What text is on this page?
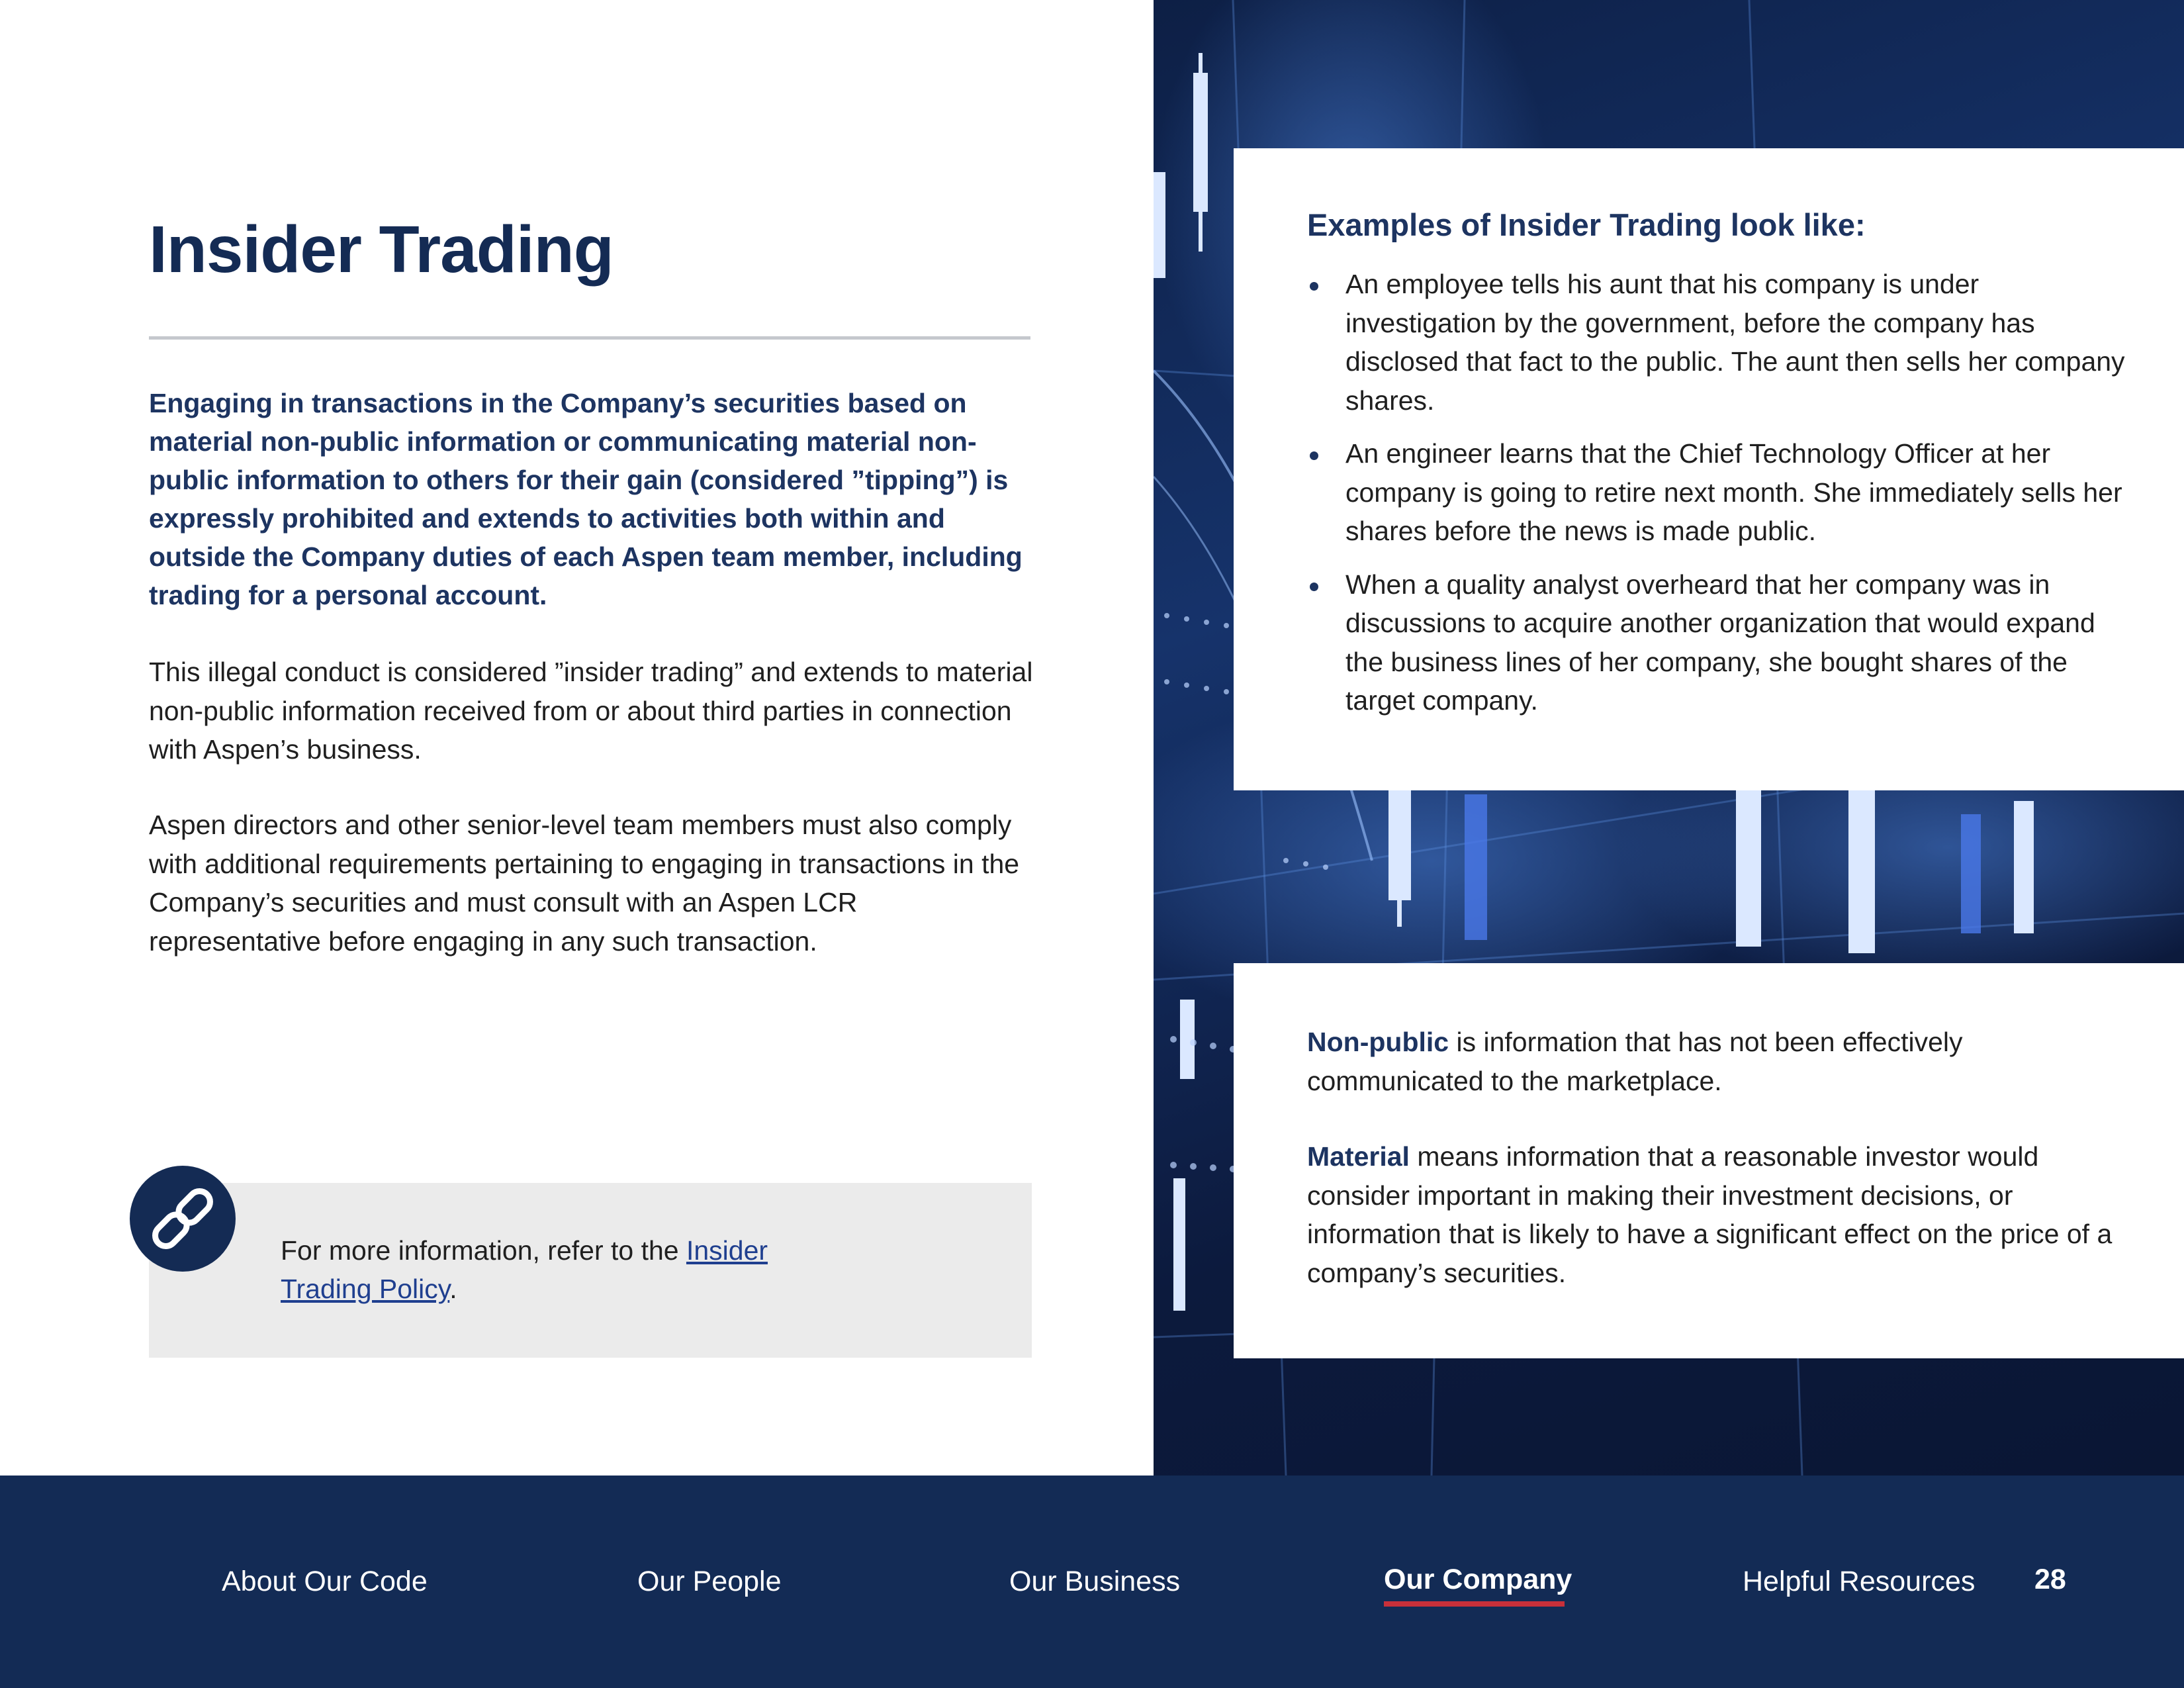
Insider Trading

Engaging in transactions in the Company’s securities based on material non-public information or communicating material non-public information to others for their gain (considered ”tipping”) is expressly prohibited and extends to activities both within and outside the Company duties of each Aspen team member, including trading for a personal account.

This illegal conduct is considered ”insider trading” and extends to material non-public information received from or about third parties in connection with Aspen’s business.

Aspen directors and other senior-level team members must also comply with additional requirements pertaining to engaging in transactions in the Company’s securities and must consult with an Aspen LCR representative before engaging in any such transaction.

For more information, refer to the Insider Trading Policy.

Examples of Insider Trading look like:
An employee tells his aunt that his company is under investigation by the government, before the company has disclosed that fact to the public. The aunt then sells her company shares.
An engineer learns that the Chief Technology Officer at her company is going to retire next month. She immediately sells her shares before the news is made public.
When a quality analyst overheard that her company was in discussions to acquire another organization that would expand the business lines of her company, she bought shares of the target company.

Non-public is information that has not been effectively communicated to the marketplace.

Material means information that a reasonable investor would consider important in making their investment decisions, or information that is likely to have a significant effect on the price of a company’s securities.

About Our Code	Our People	Our Business	Our Company	Helpful Resources 28
